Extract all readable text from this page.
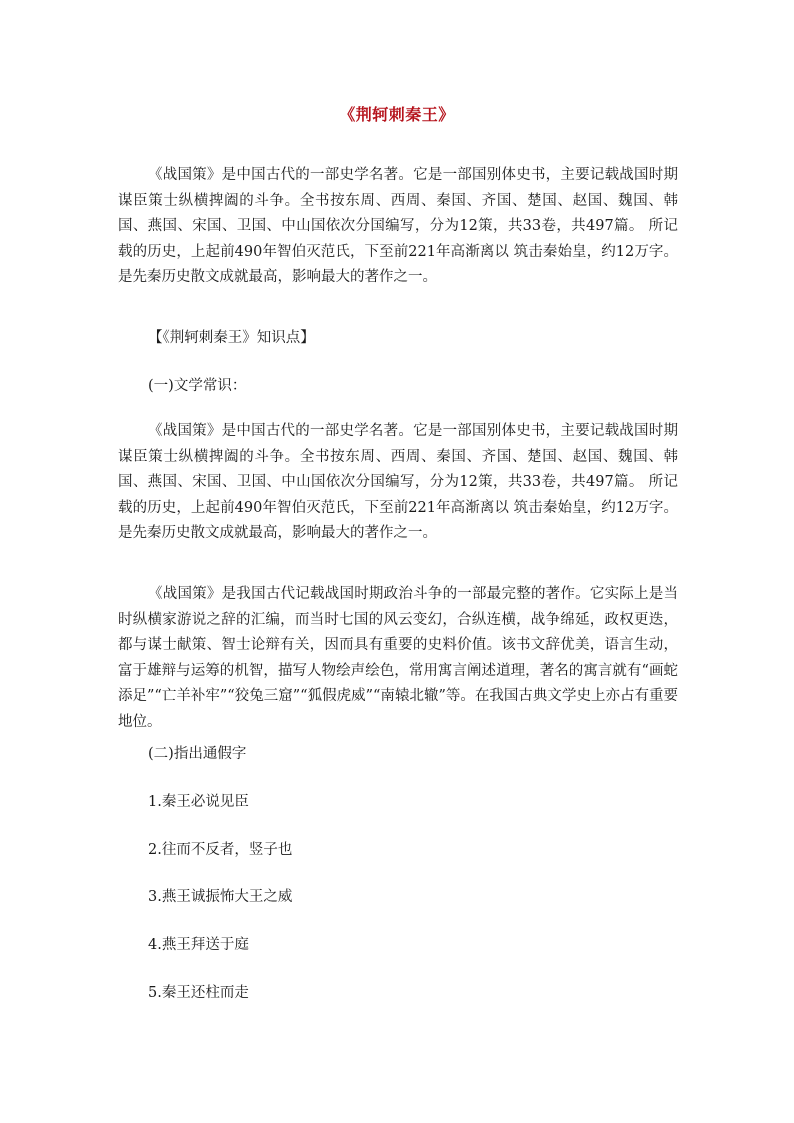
《荆轲刺秦王》

《战国策》是中国古代的一部史学名著。它是一部国别体史书，主要记载战国时期谋臣策士纵横捭阖的斗争。全书按东周、西周、秦国、齐国、楚国、赵国、魏国、韩国、燕国、宋国、卫国、中山国依次分国编写，分为12策，共33卷，共497篇。 所记载的历史，上起前490年智伯灭范氏，下至前221年高渐离以 筑击秦始皇，约12万字。是先秦历史散文成就最高，影响最大的著作之一。

【《荆轲刺秦王》知识点】

(一)文学常识：

《战国策》是中国古代的一部史学名著。它是一部国别体史书，主要记载战国时期谋臣策士纵横捭阖的斗争。全书按东周、西周、秦国、齐国、楚国、赵国、魏国、韩国、燕国、宋国、卫国、中山国依次分国编写，分为12策，共33卷，共497篇。 所记载的历史，上起前490年智伯灭范氏，下至前221年高渐离以 筑击秦始皇，约12万字。是先秦历史散文成就最高，影响最大的著作之一。

《战国策》是我国古代记载战国时期政治斗争的一部最完整的著作。它实际上是当时纵横家游说之辞的汇编，而当时七国的风云变幻，合纵连横，战争绵延，政权更迭，都与谋士献策、智士论辩有关，因而具有重要的史料价值。该书文辞优美，语言生动，富于雄辩与运筹的机智，描写人物绘声绘色，常用寓言阐述道理，著名的寓言就有“画蛇添足”“亡羊补牢”“狡兔三窟”“狐假虎威”“南辕北辙”等。在我国古典文学史上亦占有重要地位。

(二)指出通假字

1.秦王必说见臣

2.往而不反者，竖子也

3.燕王诚振怖大王之威

4.燕王拜送于庭

5.秦王还柱而走
